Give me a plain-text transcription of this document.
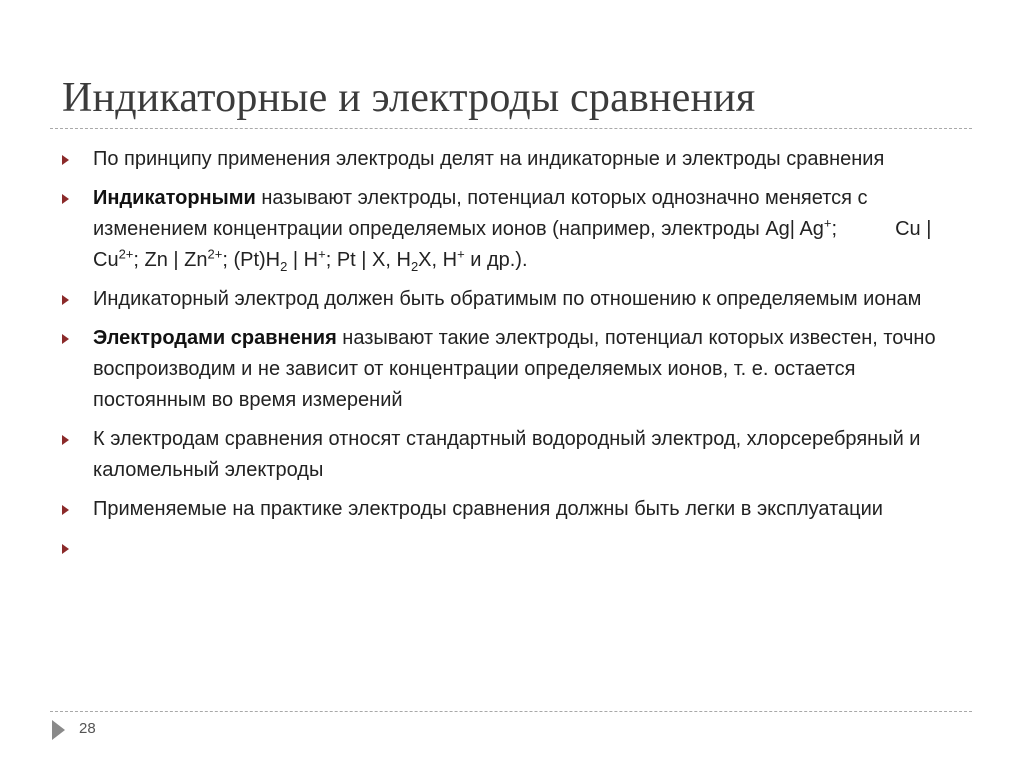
Индикаторные и электроды сравнения
По принципу применения электроды делят на индикаторные и электроды сравнения
Индикаторными называют электроды, потенциал которых однозначно меняется с изменением концентрации определяемых ионов (например, электроды Ag| Ag+;	Cu | $Cu^{2+}$; Zn | $Zn^{2+}$; $(Pt)H_2$ | H+; Pt | X, $H_2X$, H+ и др.).
Индикаторный электрод должен быть обратимым по отношению к определяемым ионам
Электродами сравнения называют такие электроды, потенциал которых известен, точно воспроизводим и не зависит от концентрации определяемых ионов, т. е. остается постоянным во время измерений
К электродам сравнения относят стандартный водородный электрод, хлорсеребряный и каломельный электроды
Применяемые на практике электроды сравнения должны быть легки в эксплуатации
28
